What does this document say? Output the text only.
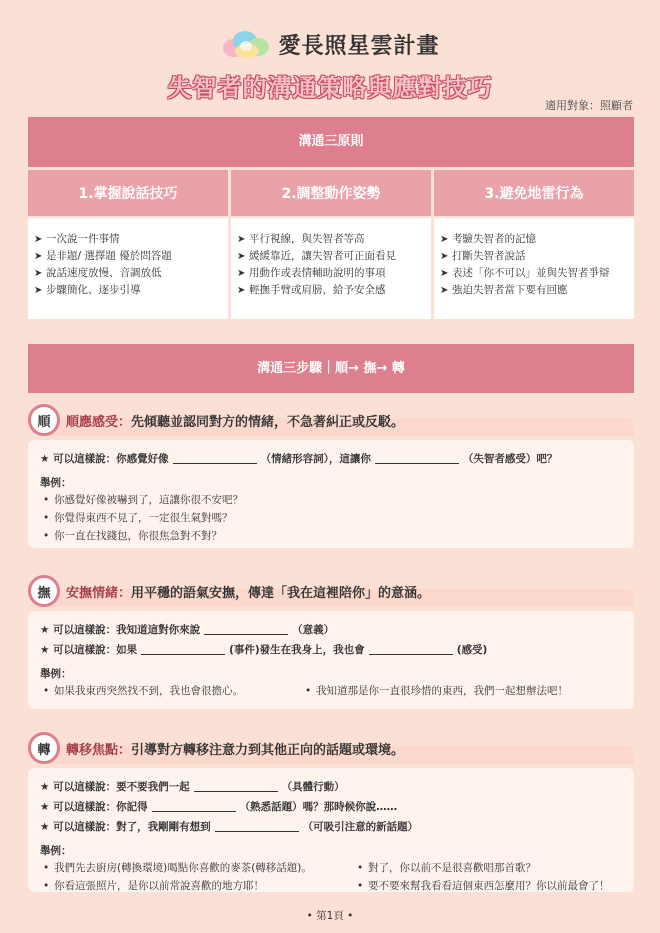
愛長照星雲計畫
失智者的溝通策略與應對技巧
適用對象：照顧者
溝通三原則
1.掌握說話技巧
➤ 一次說一件事情
➤ 是非題/ 選擇題 優於問答題
➤ 說話速度放慢、音調放低
➤ 步驟簡化、逐步引導
2.調整動作姿勢
➤ 平行視線，與失智者等高
➤ 緩緩靠近，讓失智者可正面看見
➤ 用動作或表情輔助說明的事項
➤ 輕撫手臂或肩膀，給予安全感
3.避免地雷行為
➤ 考驗失智者的記憶
➤ 打斷失智者說話
➤ 表述「你不可以」並與失智者爭辯
➤ 強迫失智者當下要有回應
溝通三步驟｜順→ 撫→ 轉
順	順應感受：先傾聽並認同對方的情緒，不急著糾正或反駁。
★ 可以這樣說：你感覺好像	（情緒形容詞），這讓你	（失智者感受）吧？
舉例：
• 你感覺好像被嚇到了，這讓你很不安吧？
• 你覺得東西不見了，一定很生氣對嗎？
• 你一直在找錢包，你很焦急對不對？
撫	安撫情緒：用平穩的語氣安撫，傳達「我在這裡陪你」的意涵。
★ 可以這樣說：我知道這對你來說	（意義）
★ 可以這樣說：如果	(事件)發生在我身上，我也會	(感受)
舉例：
• 如果我東西突然找不到，我也會很擔心。	• 我知道那是你一直很珍惜的東西，我們一起想辦法吧！
轉	轉移焦點：引導對方轉移注意力到其他正向的話題或環境。
★ 可以這樣說：要不要我們一起	（具體行動）
★ 可以這樣說：你記得	（熟悉話題）嗎？那時候你說……
★ 可以這樣說：對了，我剛剛有想到	（可吸引注意的新話題）
舉例：
• 我們先去廚房(轉換環境)喝點你喜歡的麥茶(轉移話題)。	• 對了，你以前不是很喜歡唱那首歌？
• 你看這張照片，是你以前常說喜歡的地方耶！	• 要不要來幫我看看這個東西怎麼用？你以前最會了！
• 第1頁 •
